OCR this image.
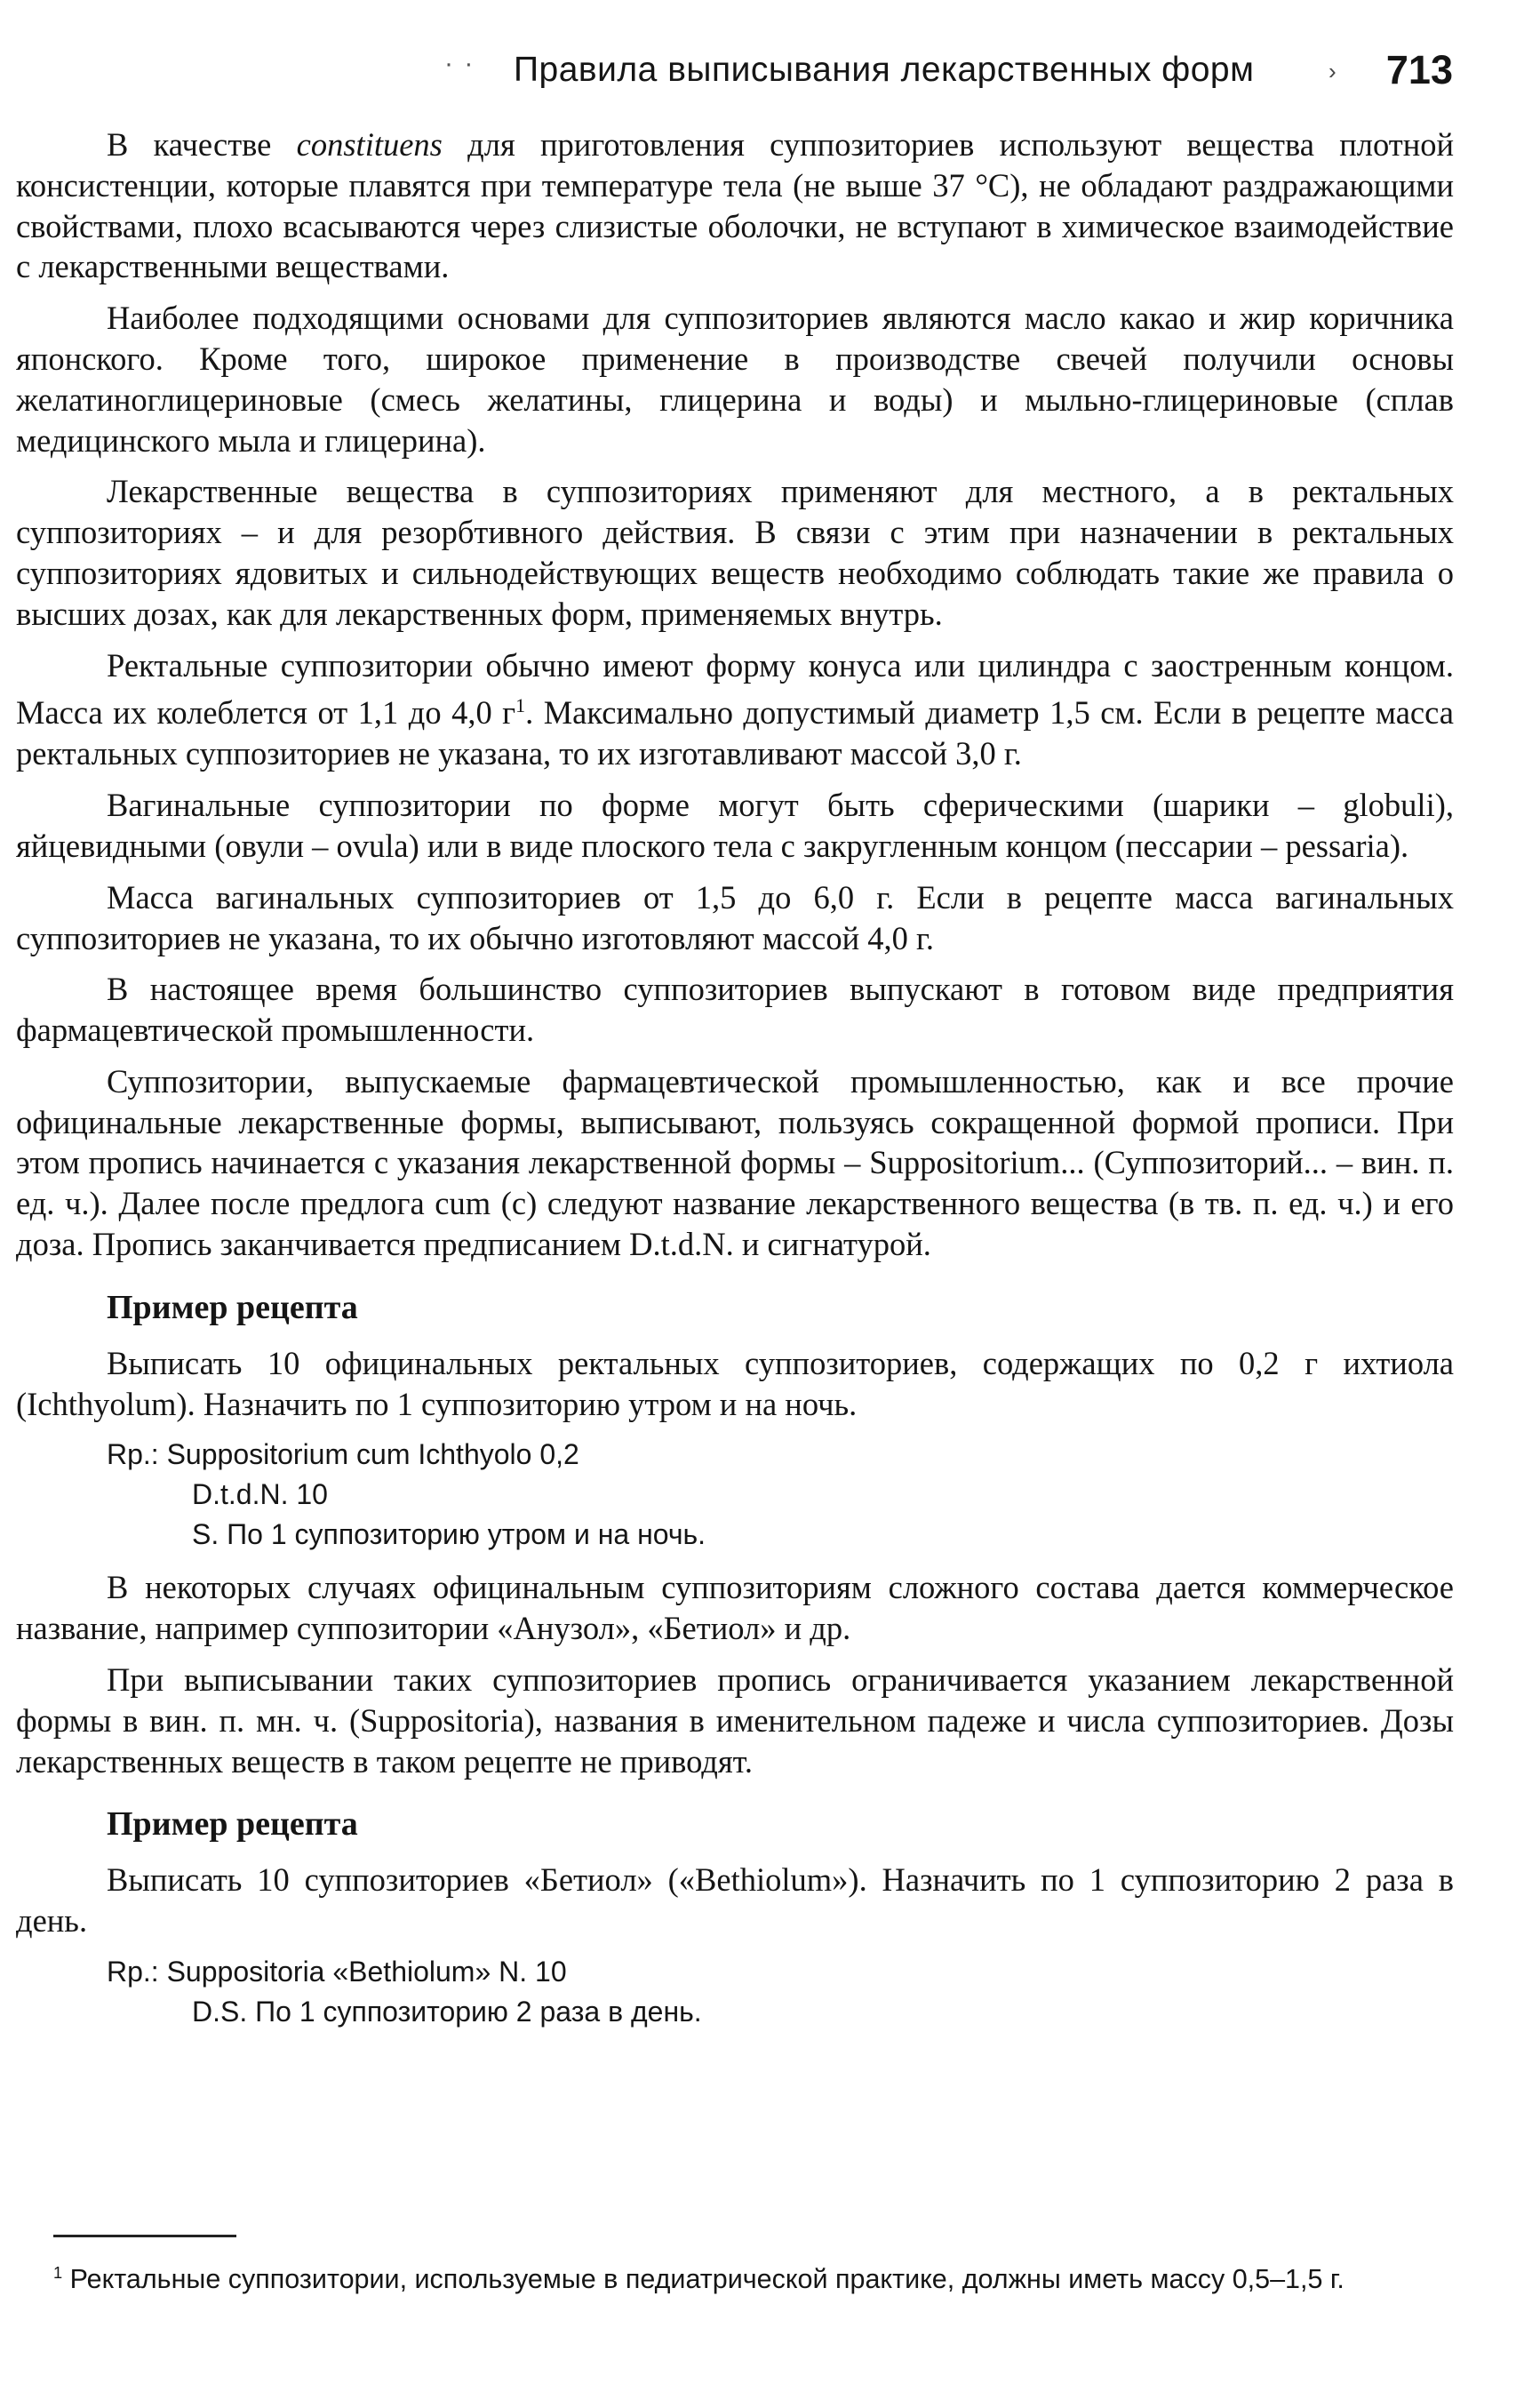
· · Правила выписывания лекарственных форм	› 713

В качестве constituens для приготовления суппозиториев используют вещества плотной консистенции, которые плавятся при температуре тела (не выше 37 °C), не обладают раздражающими свойствами, плохо всасываются через слизистые оболочки, не вступают в химическое взаимодействие с лекарственными веществами.

Наиболее подходящими основами для суппозиториев являются масло какао и жир коричника японского. Кроме того, широкое применение в производстве свечей получили основы желатиноглицериновые (смесь желатины, глицерина и воды) и мыльно-глицериновые (сплав медицинского мыла и глицерина).

Лекарственные вещества в суппозиториях применяют для местного, а в ректальных суппозиториях – и для резорбтивного действия. В связи с этим при назначении в ректальных суппозиториях ядовитых и сильнодействующих веществ необходимо соблюдать такие же правила о высших дозах, как для лекарственных форм, применяемых внутрь.

Ректальные суппозитории обычно имеют форму конуса или цилиндра с заостренным концом. Масса их колеблется от 1,1 до 4,0 $г^1$. Максимально допустимый диаметр 1,5 см. Если в рецепте масса ректальных суппозиториев не указана, то их изготавливают массой 3,0 г.

Вагинальные суппозитории по форме могут быть сферическими (шарики – globuli), яйцевидными (овули – ovula) или в виде плоского тела с закругленным концом (пессарии – pessaria).

Масса вагинальных суппозиториев от 1,5 до 6,0 г. Если в рецепте масса вагинальных суппозиториев не указана, то их обычно изготовляют массой 4,0 г.

В настоящее время большинство суппозиториев выпускают в готовом виде предприятия фармацевтической промышленности.

Суппозитории, выпускаемые фармацевтической промышленностью, как и все прочие официнальные лекарственные формы, выписывают, пользуясь сокращенной формой прописи. При этом пропись начинается с указания лекарственной формы – Suppositorium... (Суппозиторий... – вин. п. ед. ч.). Далее после предлога cum (с) следуют название лекарственного вещества (в тв. п. ед. ч.) и его доза. Пропись заканчивается предписанием D.t.d.N. и сигнатурой.

Пример рецепта

Выписать 10 официнальных ректальных суппозиториев, содержащих по 0,2 г ихтиола (Ichthyolum). Назначить по 1 суппозиторию утром и на ночь.

Rp.: Suppositorium cum Ichthyolo 0,2
D.t.d.N. 10
S. По 1 суппозиторию утром и на ночь.

В некоторых случаях официнальным суппозиториям сложного состава дается коммерческое название, например суппозитории «Анузол», «Бетиол» и др.

При выписывании таких суппозиториев пропись ограничивается указанием лекарственной формы в вин. п. мн. ч. (Suppositoria), названия в именительном падеже и числа суппозиториев. Дозы лекарственных веществ в таком рецепте не приводят.

Пример рецепта

Выписать 10 суппозиториев «Бетиол» («Bethiolum»). Назначить по 1 суппозиторию 2 раза в день.

Rp.: Suppositoria «Bethiolum» N. 10
D.S. По 1 суппозиторию 2 раза в день.
$^1$ Ректальные суппозитории, используемые в педиатрической практике, должны иметь массу 0,5–1,5 г.
